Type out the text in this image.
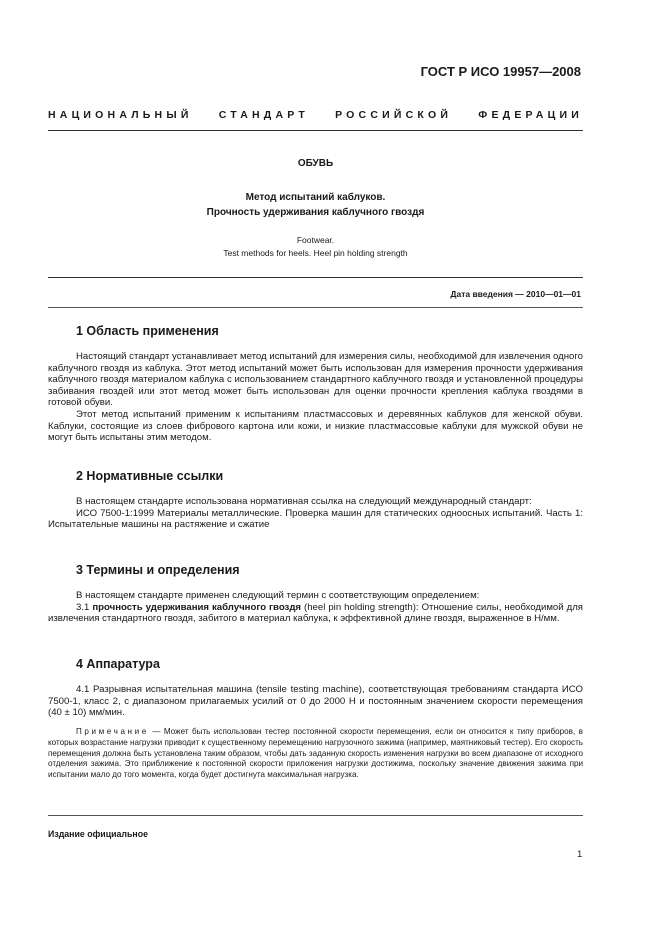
ГОСТ Р ИСО 19957—2008
НАЦИОНАЛЬНЫЙ СТАНДАРТ РОССИЙСКОЙ ФЕДЕРАЦИИ
ОБУВЬ
Метод испытаний каблуков.
Прочность удерживания каблучного гвоздя
Footwear.
Test methods for heels. Heel pin holding strength
Дата введения — 2010—01—01
1 Область применения

Настоящий стандарт устанавливает метод испытаний для измерения силы, необходимой для извлечения одного каблучного гвоздя из каблука. Этот метод испытаний может быть использован для измерения прочности удерживания каблучного гвоздя материалом каблука с использованием стандартного каблучного гвоздя и установленной процедуры забивания гвоздей или этот метод может быть использован для оценки прочности крепления каблука гвоздями в готовой обуви.

Этот метод испытаний применим к испытаниям пластмассовых и деревянных каблуков для женской обуви. Каблуки, состоящие из слоев фибрового картона или кожи, и низкие пластмассовые каблуки для мужской обуви не могут быть испытаны этим методом.

2 Нормативные ссылки

В настоящем стандарте использована нормативная ссылка на следующий международный стандарт:

ИСО 7500-1:1999 Материалы металлические. Проверка машин для статических одноосных испытаний. Часть 1: Испытательные машины на растяжение и сжатие

3 Термины и определения

В настоящем стандарте применен следующий термин с соответствующим определением:

3.1 прочность удерживания каблучного гвоздя (heel pin holding strength): Отношение силы, необходимой для извлечения стандартного гвоздя, забитого в материал каблука, к эффективной длине гвоздя, выраженное в Н/мм.

4 Аппаратура

4.1 Разрывная испытательная машина (tensile testing machine), соответствующая требованиям стандарта ИСО 7500-1, класс 2, с диапазоном прилагаемых усилий от 0 до 2000 Н и постоянным значением скорости перемещения (40 ± 10) мм/мин.

Примечание — Может быть использован тестер постоянной скорости перемещения, если он относится к типу приборов, в которых возрастание нагрузки приводит к существенному перемещению нагрузочного зажима (например, маятниковый тестер). Его скорость перемещения должна быть установлена таким образом, чтобы дать заданную скорость изменения нагрузки во всем диапазоне от исходного отделения зажима. Это приближение к постоянной скорости приложения нагрузки достижима, поскольку значение движения зажима при испытании мало до того момента, когда будет достигнута максимальная нагрузка.

Издание официальное
1
